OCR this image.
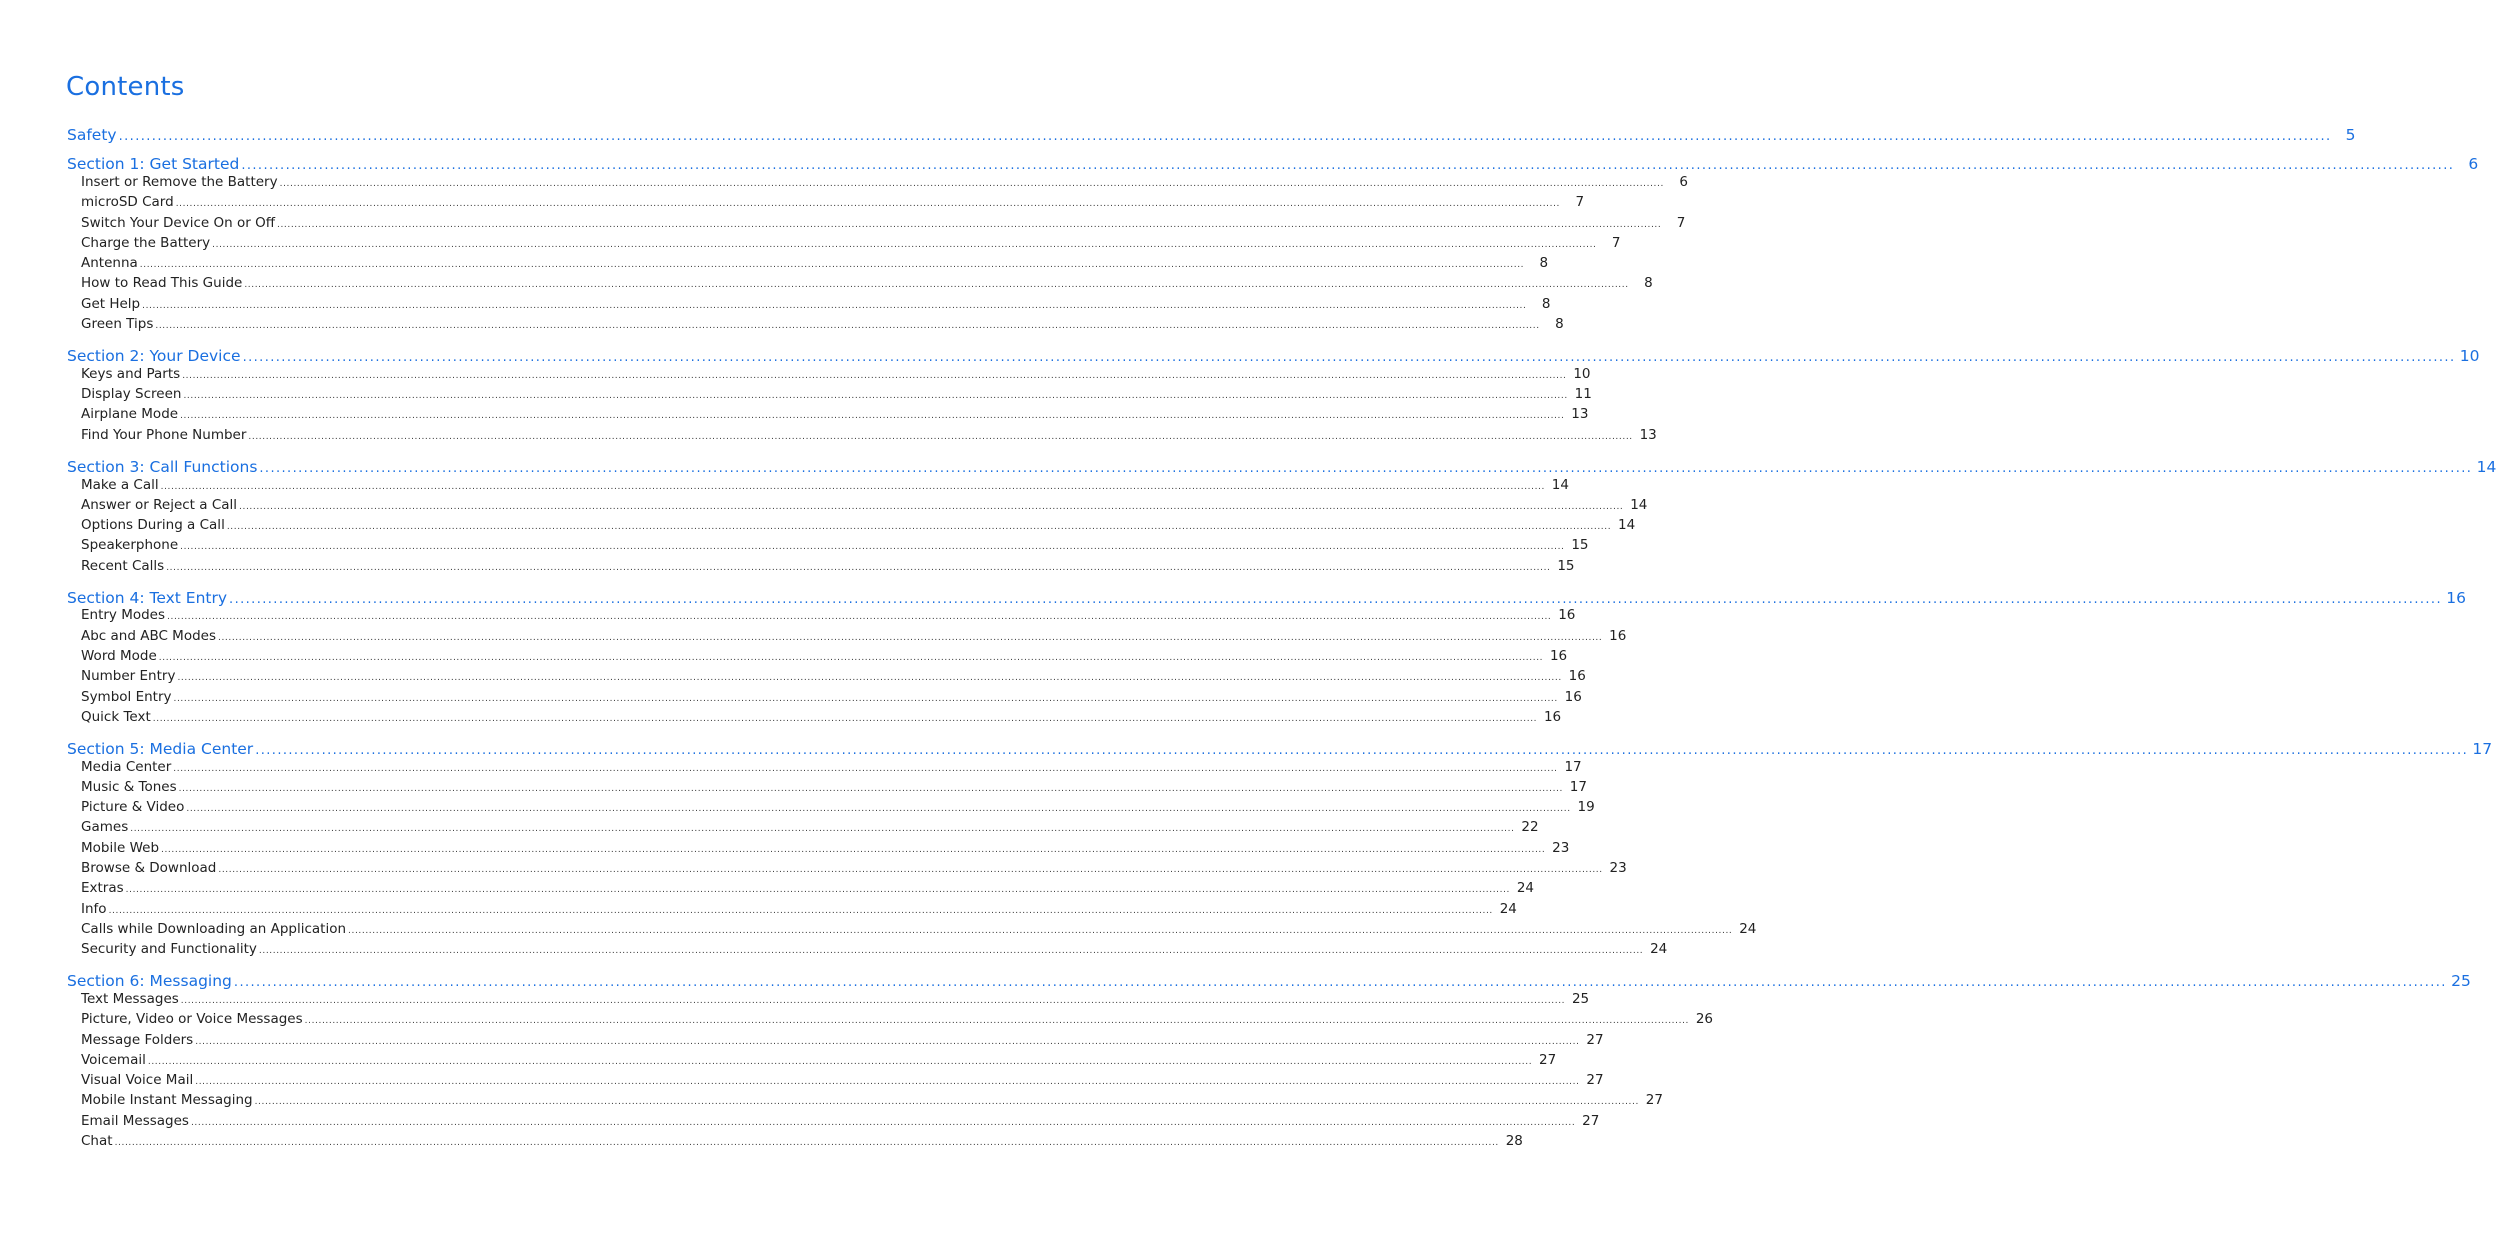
Contents
Safety ................................................................................................................................................................................................................................................................................................................................................................................................................ 5
Section 1: Get Started ................................................................................................................................................................................................................................................................................................................................................................................................................ 6
Insert or Remove the Battery ................................................................................................................................................................................................................................................................................................................................................................................................................	6
microSD Card ................................................................................................................................................................................................................................................................................................................................................................................................................	7
Switch Your Device On or Off ................................................................................................................................................................................................................................................................................................................................................................................................................	7
Charge the Battery ................................................................................................................................................................................................................................................................................................................................................................................................................	7
Antenna ................................................................................................................................................................................................................................................................................................................................................................................................................	8
How to Read This Guide ................................................................................................................................................................................................................................................................................................................................................................................................................	8
Get Help ................................................................................................................................................................................................................................................................................................................................................................................................................	8
Green Tips ................................................................................................................................................................................................................................................................................................................................................................................................................	8
Section 2: Your Device ................................................................................................................................................................................................................................................................................................................................................................................................................ 10
Keys and Parts ................................................................................................................................................................................................................................................................................................................................................................................................................ 10
Display Screen ................................................................................................................................................................................................................................................................................................................................................................................................................ 11
Airplane Mode ................................................................................................................................................................................................................................................................................................................................................................................................................ 13
Find Your Phone Number ................................................................................................................................................................................................................................................................................................................................................................................................................ 13
Section 3: Call Functions ................................................................................................................................................................................................................................................................................................................................................................................................................ 14
Make a Call ................................................................................................................................................................................................................................................................................................................................................................................................................ 14
Answer or Reject a Call ................................................................................................................................................................................................................................................................................................................................................................................................................ 14
Options During a Call ................................................................................................................................................................................................................................................................................................................................................................................................................ 14
Speakerphone ................................................................................................................................................................................................................................................................................................................................................................................................................ 15
Recent Calls ................................................................................................................................................................................................................................................................................................................................................................................................................ 15
Section 4: Text Entry ................................................................................................................................................................................................................................................................................................................................................................................................................ 16
Entry Modes ................................................................................................................................................................................................................................................................................................................................................................................................................ 16
Abc and ABC Modes ................................................................................................................................................................................................................................................................................................................................................................................................................ 16
Word Mode ................................................................................................................................................................................................................................................................................................................................................................................................................ 16
Number Entry ................................................................................................................................................................................................................................................................................................................................................................................................................ 16
Symbol Entry ................................................................................................................................................................................................................................................................................................................................................................................................................ 16
Quick Text ................................................................................................................................................................................................................................................................................................................................................................................................................ 16
Section 5: Media Center ................................................................................................................................................................................................................................................................................................................................................................................................................ 17
Media Center ................................................................................................................................................................................................................................................................................................................................................................................................................ 17
Music & Tones ................................................................................................................................................................................................................................................................................................................................................................................................................ 17
Picture & Video ................................................................................................................................................................................................................................................................................................................................................................................................................ 19
Games ................................................................................................................................................................................................................................................................................................................................................................................................................ 22
Mobile Web ................................................................................................................................................................................................................................................................................................................................................................................................................ 23
Browse & Download ................................................................................................................................................................................................................................................................................................................................................................................................................ 23
Extras ................................................................................................................................................................................................................................................................................................................................................................................................................ 24
Info ................................................................................................................................................................................................................................................................................................................................................................................................................ 24
Calls while Downloading an Application ................................................................................................................................................................................................................................................................................................................................................................................................................ 24
Security and Functionality ................................................................................................................................................................................................................................................................................................................................................................................................................ 24
Section 6: Messaging ................................................................................................................................................................................................................................................................................................................................................................................................................ 25
Text Messages ................................................................................................................................................................................................................................................................................................................................................................................................................ 25
Picture, Video or Voice Messages ................................................................................................................................................................................................................................................................................................................................................................................................................ 26
Message Folders ................................................................................................................................................................................................................................................................................................................................................................................................................ 27
Voicemail ................................................................................................................................................................................................................................................................................................................................................................................................................ 27
Visual Voice Mail ................................................................................................................................................................................................................................................................................................................................................................................................................ 27
Mobile Instant Messaging ................................................................................................................................................................................................................................................................................................................................................................................................................ 27
Email Messages ................................................................................................................................................................................................................................................................................................................................................................................................................ 27
Chat ................................................................................................................................................................................................................................................................................................................................................................................................................ 28
